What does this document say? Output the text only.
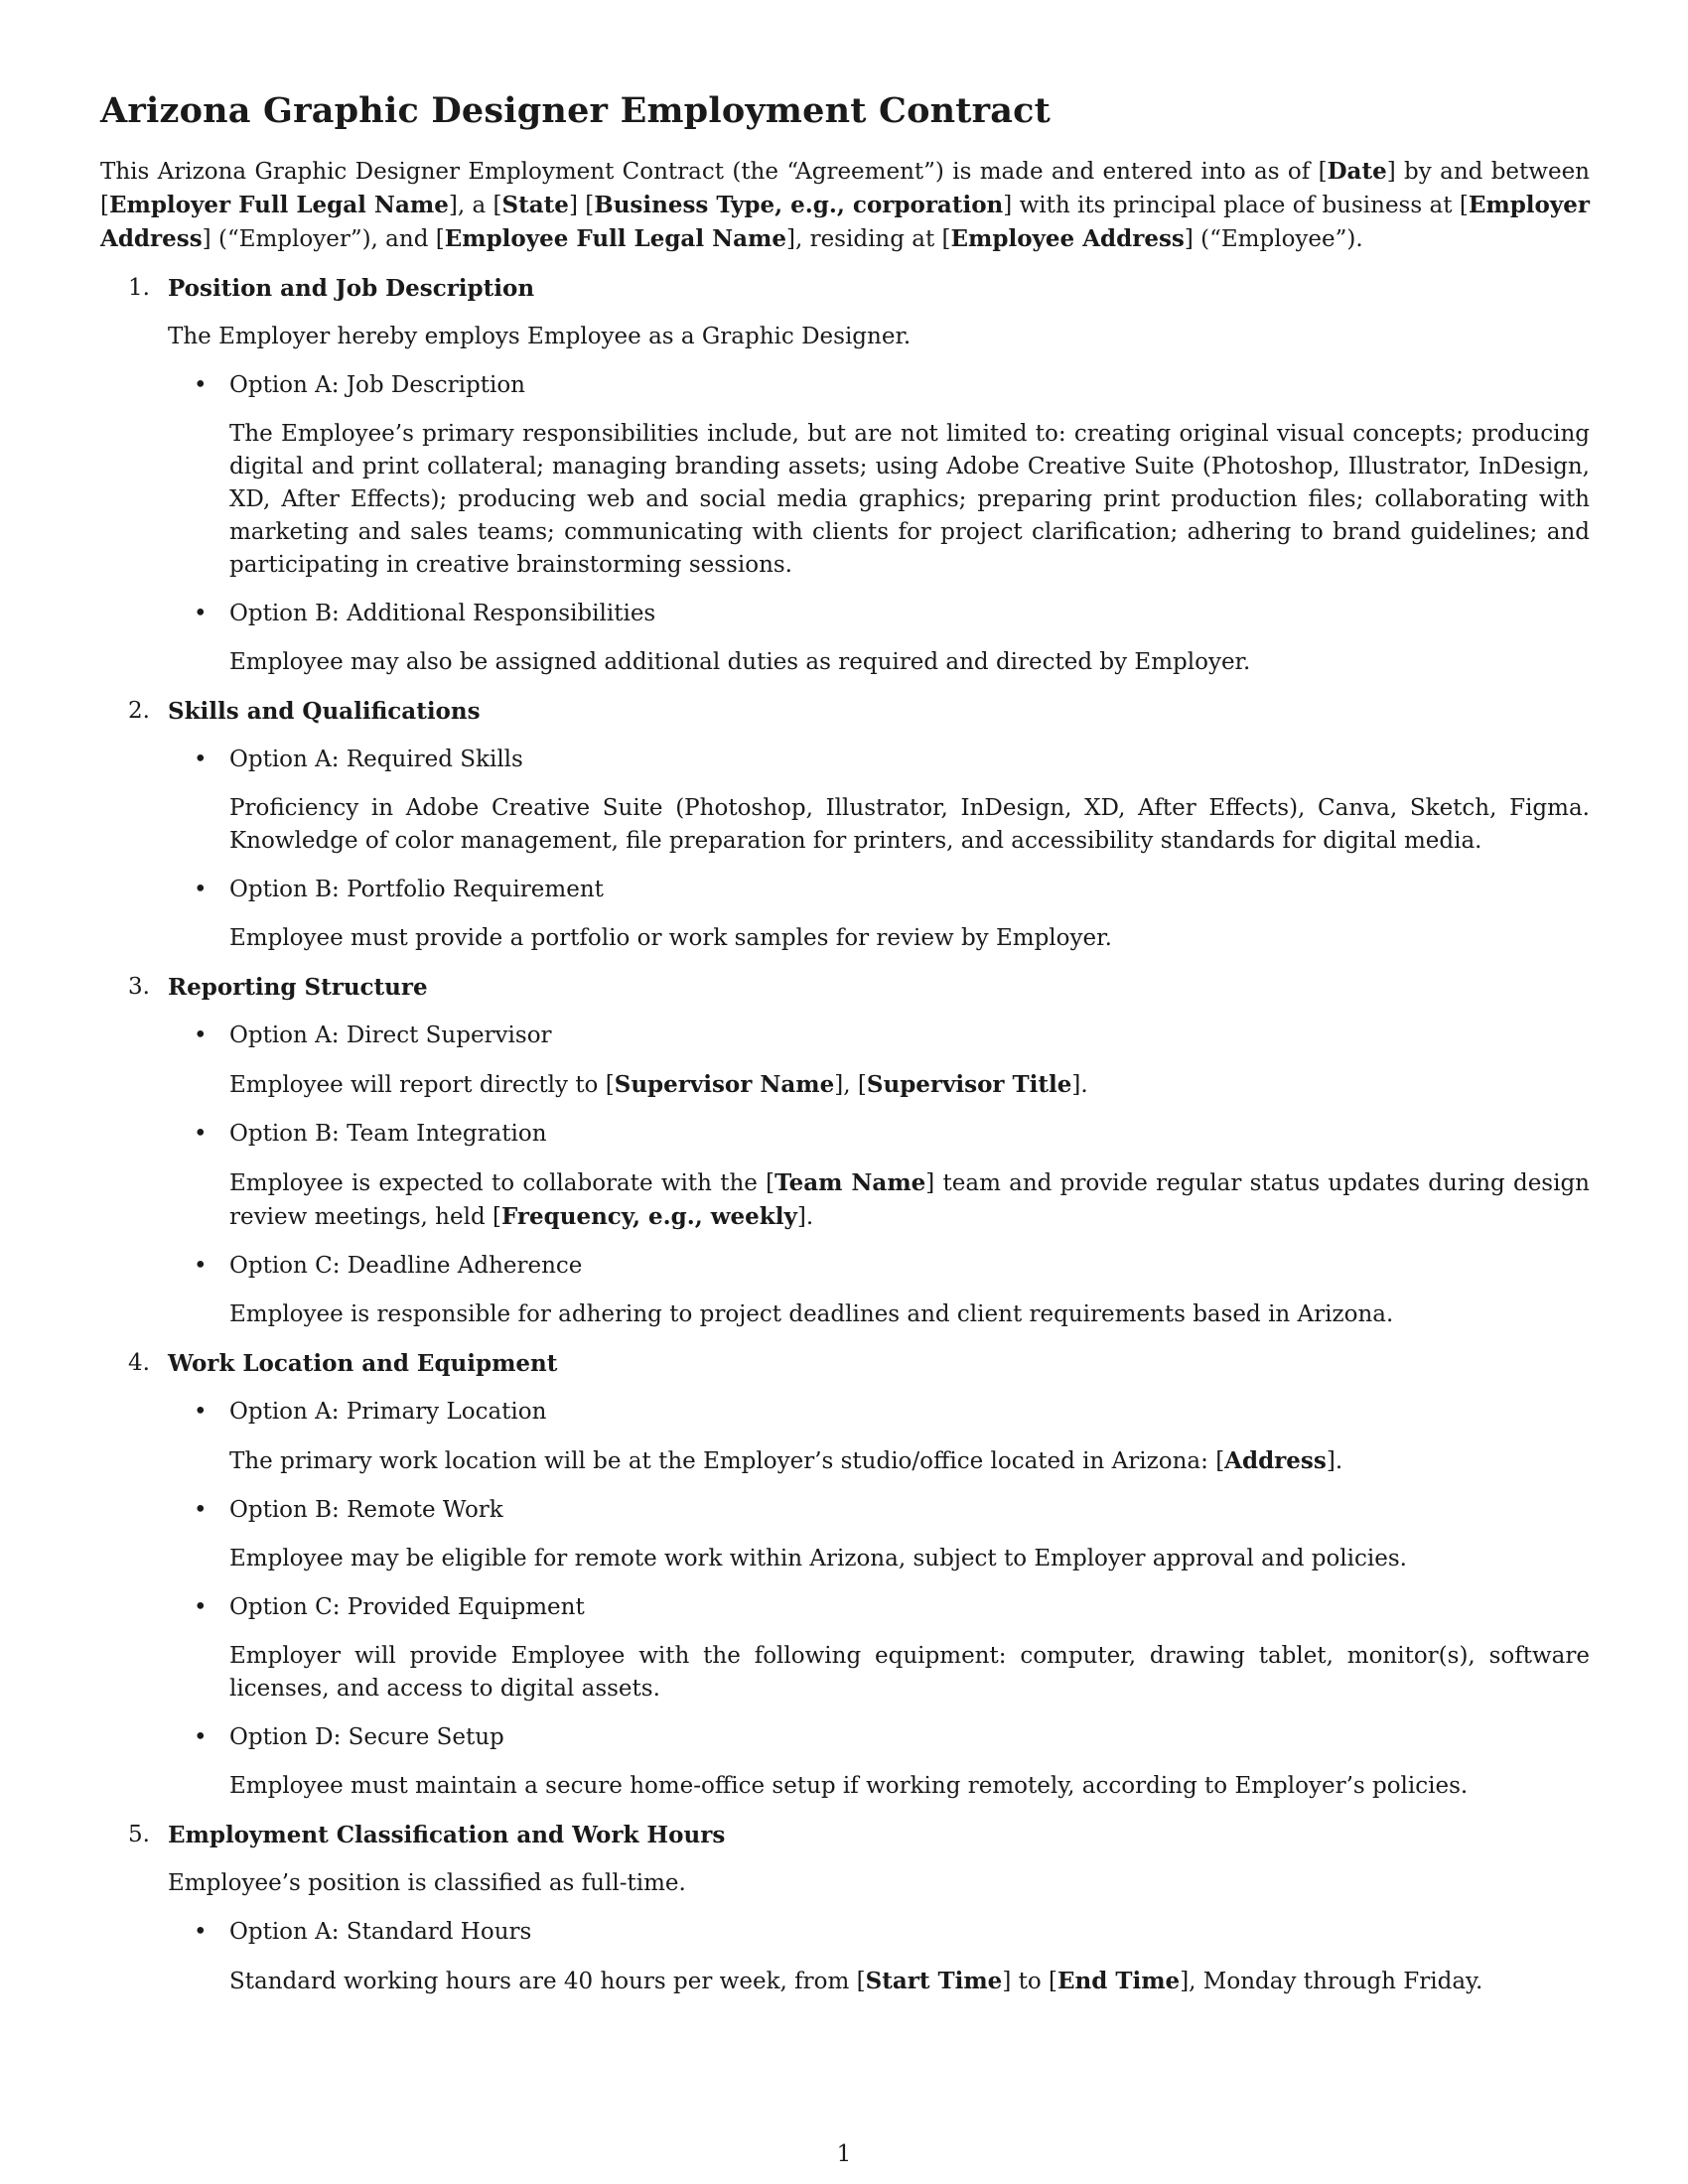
Arizona Graphic Designer Employment Contract

This Arizona Graphic Designer Employment Contract (the “Agreement”) is made and entered into as of [Date] by and between [Employer Full Legal Name], a [State] [Business Type, e.g., corporation] with its principal place of business at [Employer Address] (“Employer”), and [Employee Full Legal Name], residing at [Employee Address] (“Employee”).

1. Position and Job Description

The Employer hereby employs Employee as a Graphic Designer.

• Option A: Job Description

The Employee’s primary responsibilities include, but are not limited to: creating original visual concepts; producing digital and print collateral; managing branding assets; using Adobe Creative Suite (Photoshop, Illustrator, InDesign, XD, After Effects); producing web and social media graphics; preparing print production files; collaborating with marketing and sales teams; communicating with clients for project clarification; adhering to brand guidelines; and participating in creative brainstorming sessions.

• Option B: Additional Responsibilities

Employee may also be assigned additional duties as required and directed by Employer.

2. Skills and Qualifications
• Option A: Required Skills

Proficiency in Adobe Creative Suite (Photoshop, Illustrator, InDesign, XD, After Effects), Canva, Sketch, Figma. Knowledge of color management, file preparation for printers, and accessibility standards for digital media.

• Option B: Portfolio Requirement

Employee must provide a portfolio or work samples for review by Employer.

3. Reporting Structure
• Option A: Direct Supervisor

Employee will report directly to [Supervisor Name], [Supervisor Title].

• Option B: Team Integration

Employee is expected to collaborate with the [Team Name] team and provide regular status updates during design review meetings, held [Frequency, e.g., weekly].

• Option C: Deadline Adherence

Employee is responsible for adhering to project deadlines and client requirements based in Arizona.

4. Work Location and Equipment
• Option A: Primary Location

The primary work location will be at the Employer’s studio/office located in Arizona: [Address].

• Option B: Remote Work

Employee may be eligible for remote work within Arizona, subject to Employer approval and policies.

• Option C: Provided Equipment

Employer will provide Employee with the following equipment: computer, drawing tablet, monitor(s), software licenses, and access to digital assets.

• Option D: Secure Setup

Employee must maintain a secure home-office setup if working remotely, according to Employer’s policies.

5. Employment Classification and Work Hours

Employee’s position is classified as full-time.

• Option A: Standard Hours

Standard working hours are 40 hours per week, from [Start Time] to [End Time], Monday through Friday.

1
